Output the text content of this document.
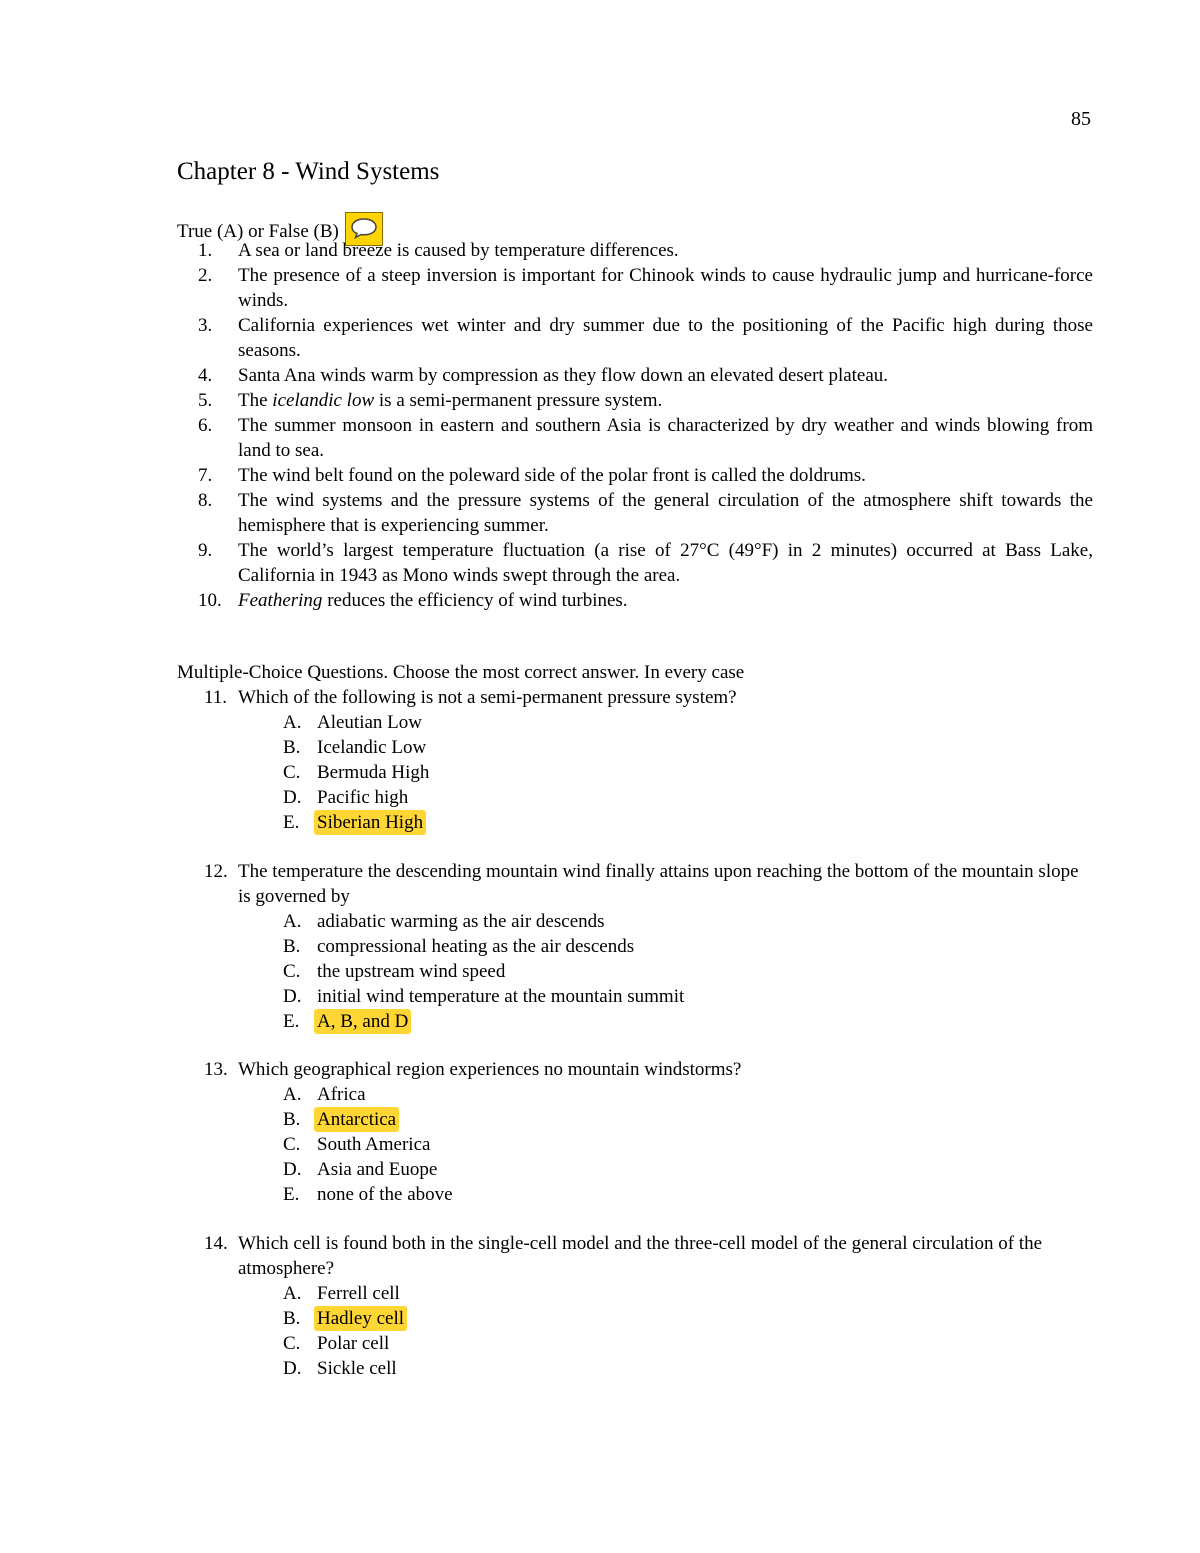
85
Chapter 8 - Wind Systems
True (A) or False (B)
1.	A sea or land breeze is caused by temperature differences.
2.	The presence of a steep inversion is important for Chinook winds to cause hydraulic jump and hurricane-force winds.
3.	California experiences wet winter and dry summer due to the positioning of the Pacific high during those seasons.
4.	Santa Ana winds warm by compression as they flow down an elevated desert plateau.
5.	The icelandic low is a semi-permanent pressure system.
6.	The summer monsoon in eastern and southern Asia is characterized by dry weather and winds blowing from land to sea.
7.	The wind belt found on the poleward side of the polar front is called the doldrums.
8.	The wind systems and the pressure systems of the general circulation of the atmosphere shift towards the hemisphere that is experiencing summer.
9.	The world’s largest temperature fluctuation (a rise of 27°C (49°F) in 2 minutes) occurred at Bass Lake, California in 1943 as Mono winds swept through the area.
10. Feathering reduces the efficiency of wind turbines.
Multiple-Choice Questions. Choose the most correct answer. In every case
11. Which of the following is not a semi-permanent pressure system?
A. Aleutian Low
B. Icelandic Low
C. Bermuda High
D. Pacific high
E. Siberian High
12. The temperature the descending mountain wind finally attains upon reaching the bottom of the mountain slope is governed by
A. adiabatic warming as the air descends
B. compressional heating as the air descends
C. the upstream wind speed
D. initial wind temperature at the mountain summit
E. A, B, and D
13. Which geographical region experiences no mountain windstorms?
A. Africa
B. Antarctica
C. South America
D. Asia and Euope
E. none of the above
14. Which cell is found both in the single-cell model and the three-cell model of the general circulation of the atmosphere?
A. Ferrell cell
B. Hadley cell
C. Polar cell
D. Sickle cell
